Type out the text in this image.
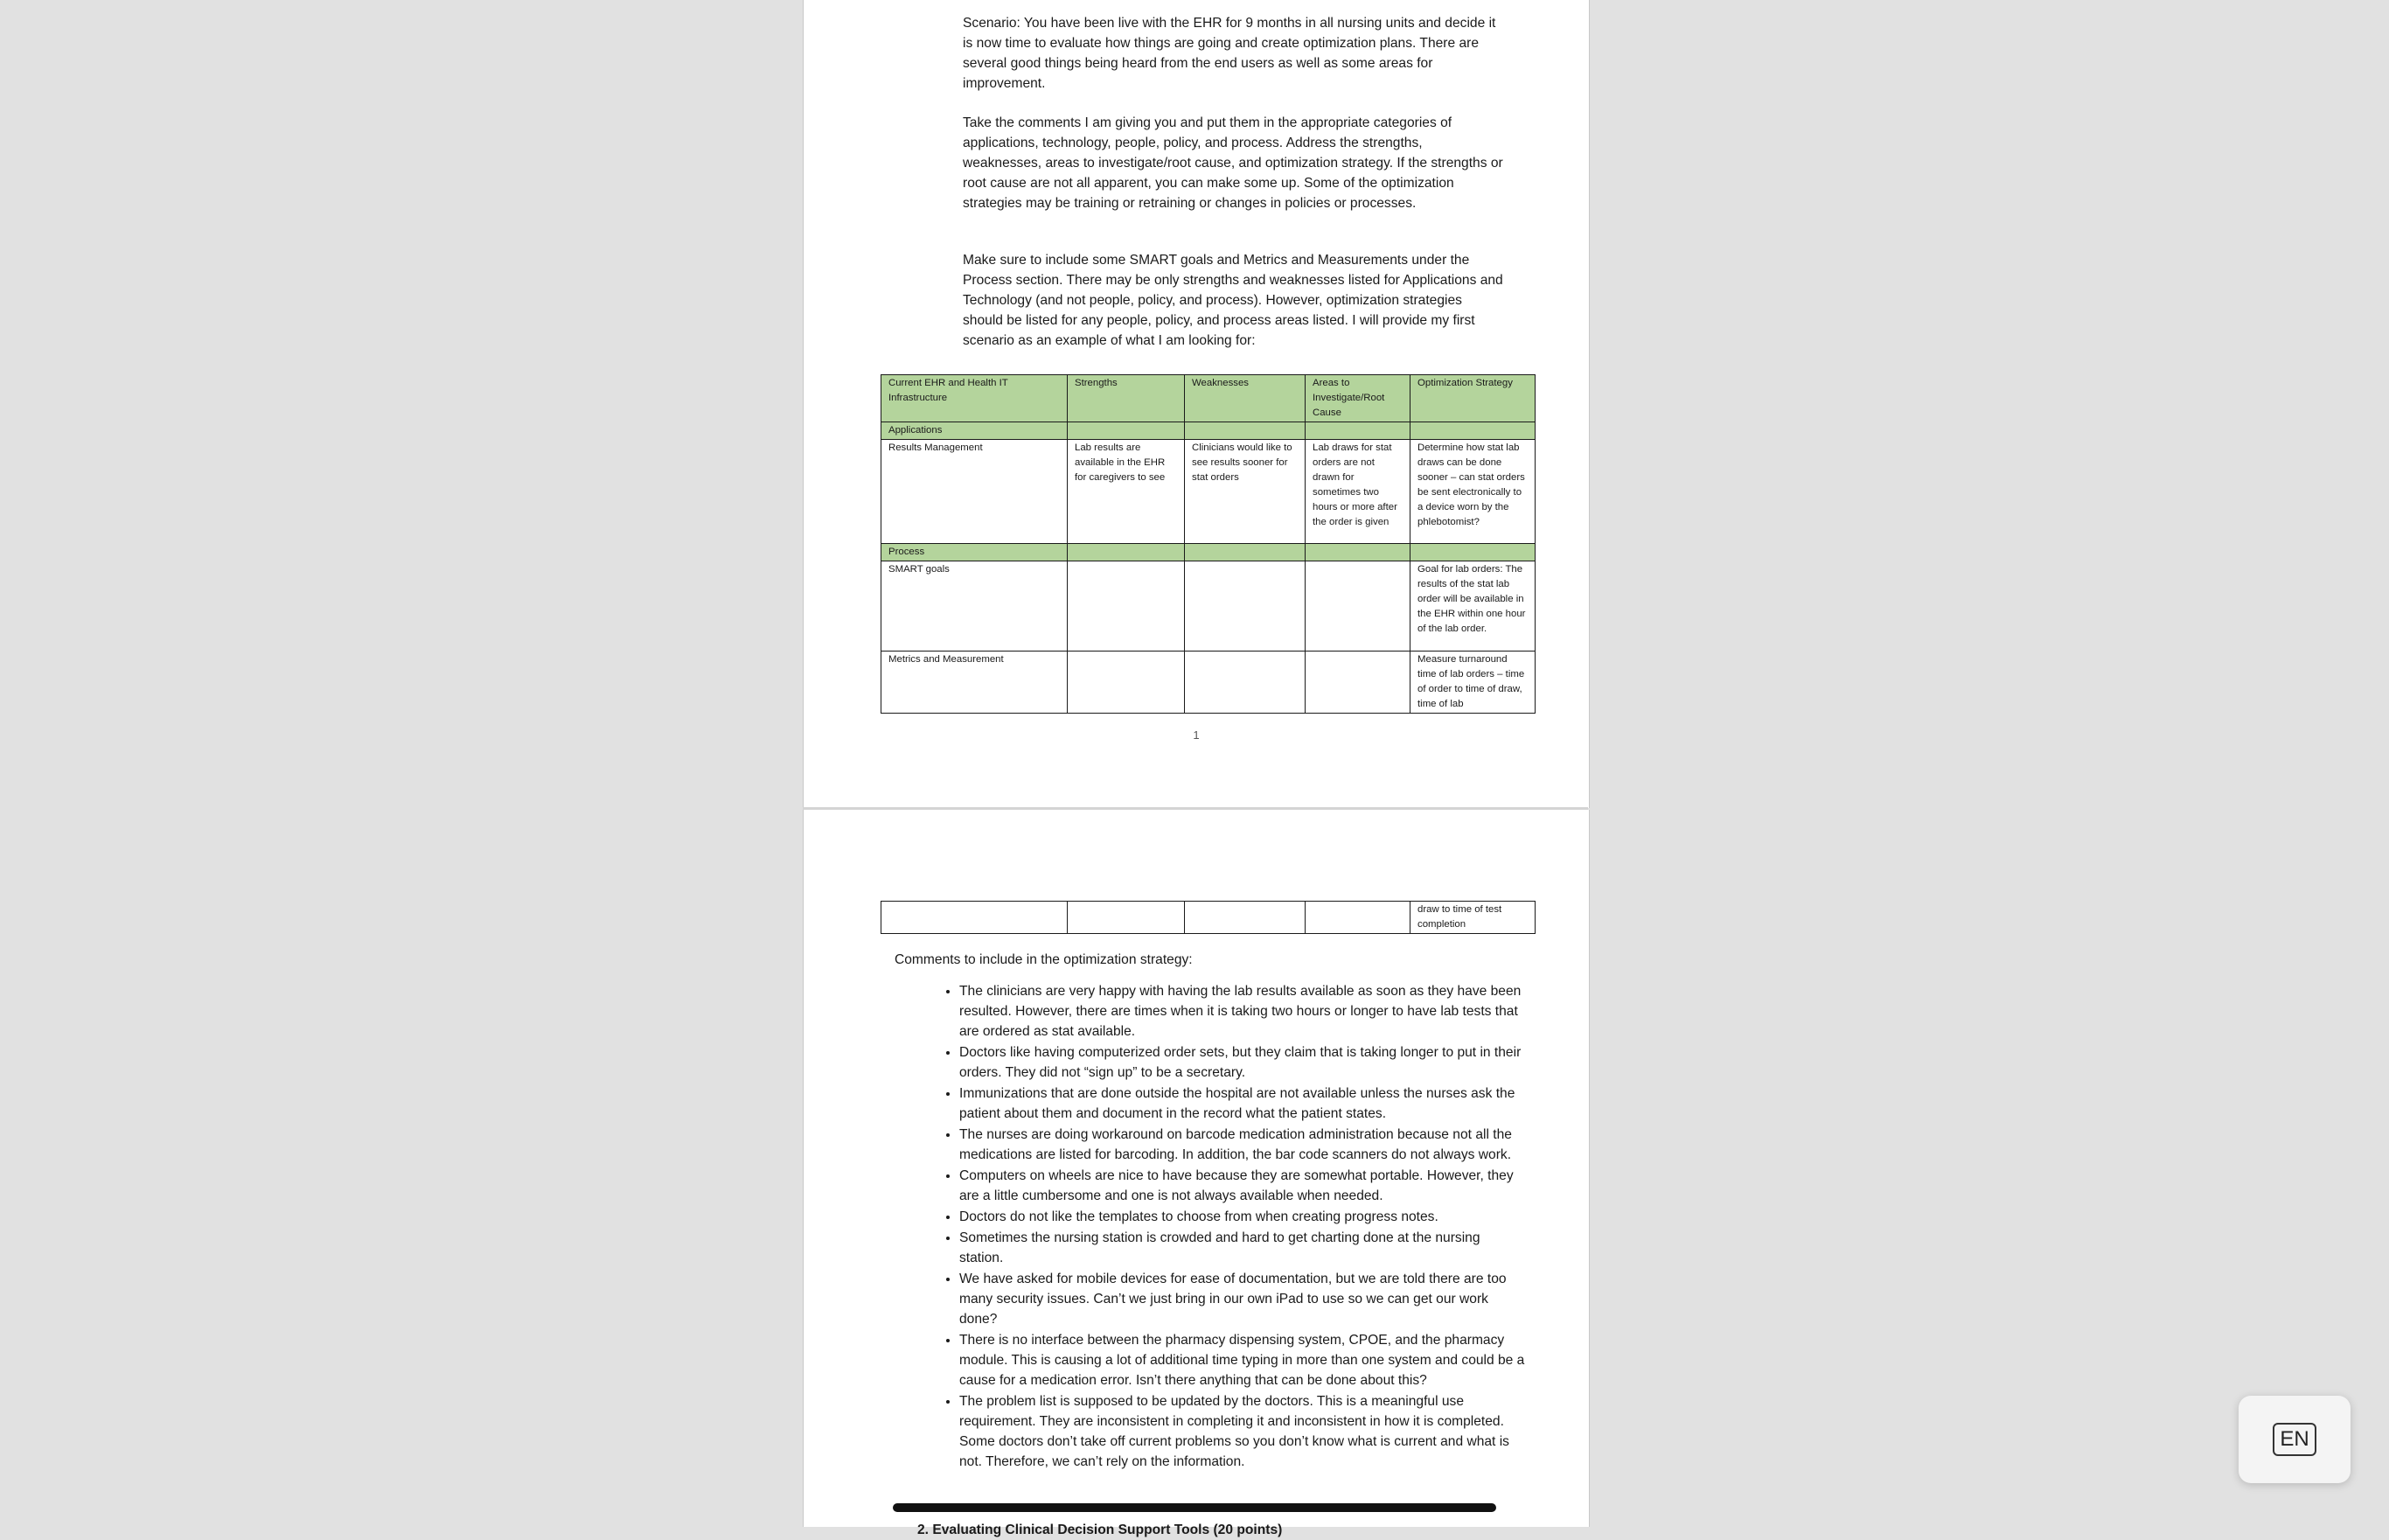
Scenario: You have been live with the EHR for 9 months in all nursing units and decide it is now time to evaluate how things are going and create optimization plans. There are several good things being heard from the end users as well as some areas for improvement.

Take the comments I am giving you and put them in the appropriate categories of applications, technology, people, policy, and process. Address the strengths, weaknesses, areas to investigate/root cause, and optimization strategy. If the strengths or root cause are not all apparent, you can make some up. Some of the optimization strategies may be training or retraining or changes in policies or processes.

Make sure to include some SMART goals and Metrics and Measurements under the Process section. There may be only strengths and weaknesses listed for Applications and Technology (and not people, policy, and process). However, optimization strategies should be listed for any people, policy, and process areas listed. I will provide my first scenario as an example of what I am looking for:

Current EHR and Health IT Infrastructure	Strengths	Weaknesses	Areas to Investigate/Root Cause	Optimization Strategy
Applications				
Results Management	Lab results are available in the EHR for caregivers to see	Clinicians would like to see results sooner for stat orders	Lab draws for stat orders are not drawn for sometimes two hours or more after the order is given	Determine how stat lab draws can be done sooner – can stat orders be sent electronically to a device worn by the phlebotomist?
Process				
SMART goals				Goal for lab orders: The results of the stat lab order will be available in the EHR within one hour of the lab order.
Metrics and Measurement				Measure turnaround time of lab orders – time of order to time of draw, time of lab
1
				draw to time of test completion

Comments to include in the optimization strategy:

• The clinicians are very happy with having the lab results available as soon as they have been resulted. However, there are times when it is taking two hours or longer to have lab tests that are ordered as stat available.
• Doctors like having computerized order sets, but they claim that is taking longer to put in their orders. They did not “sign up” to be a secretary.
• Immunizations that are done outside the hospital are not available unless the nurses ask the patient about them and document in the record what the patient states.
• The nurses are doing workaround on barcode medication administration because not all the medications are listed for barcoding. In addition, the bar code scanners do not always work.
• Computers on wheels are nice to have because they are somewhat portable. However, they are a little cumbersome and one is not always available when needed.
• Doctors do not like the templates to choose from when creating progress notes.
• Sometimes the nursing station is crowded and hard to get charting done at the nursing station.
• We have asked for mobile devices for ease of documentation, but we are told there are too many security issues. Can’t we just bring in our own iPad to use so we can get our work done?
• There is no interface between the pharmacy dispensing system, CPOE, and the pharmacy module. This is causing a lot of additional time typing in more than one system and could be a cause for a medication error. Isn’t there anything that can be done about this?
• The problem list is supposed to be updated by the doctors. This is a meaningful use requirement. They are inconsistent in completing it and inconsistent in how it is completed. Some doctors don’t take off current problems so you don’t know what is current and what is not. Therefore, we can’t rely on the information.

2. Evaluating Clinical Decision Support Tools (20 points)

EN
